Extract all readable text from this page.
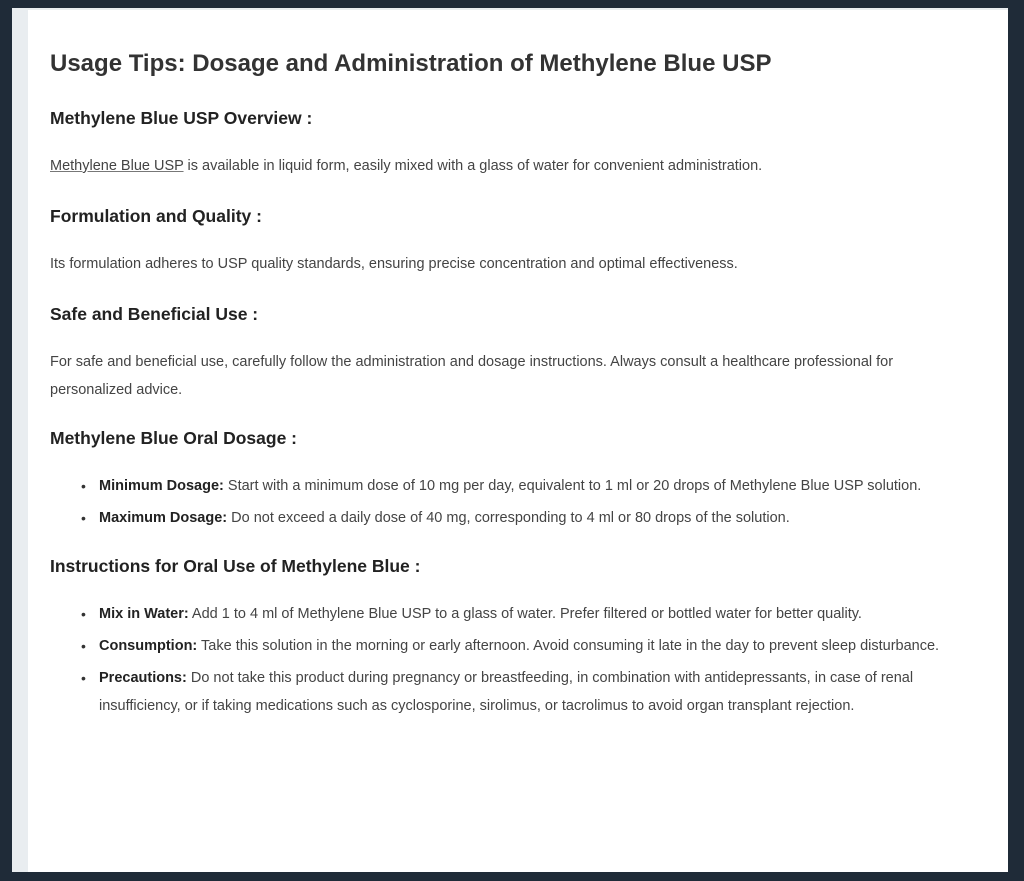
Usage Tips: Dosage and Administration of Methylene Blue USP
Methylene Blue USP Overview :

Methylene Blue USP is available in liquid form, easily mixed with a glass of water for convenient administration.

Formulation and Quality :

Its formulation adheres to USP quality standards, ensuring precise concentration and optimal effectiveness.

Safe and Beneficial Use :

For safe and beneficial use, carefully follow the administration and dosage instructions. Always consult a healthcare professional for personalized advice.

Methylene Blue Oral Dosage :
• Minimum Dosage: Start with a minimum dose of 10 mg per day, equivalent to 1 ml or 20 drops of Methylene Blue USP solution.
• Maximum Dosage: Do not exceed a daily dose of 40 mg, corresponding to 4 ml or 80 drops of the solution.
Instructions for Oral Use of Methylene Blue :
• Mix in Water: Add 1 to 4 ml of Methylene Blue USP to a glass of water. Prefer filtered or bottled water for better quality.
• Consumption: Take this solution in the morning or early afternoon. Avoid consuming it late in the day to prevent sleep disturbance.
• Precautions: Do not take this product during pregnancy or breastfeeding, in combination with antidepressants, in case of renal insufficiency, or if taking medications such as cyclosporine, sirolimus, or tacrolimus to avoid organ transplant rejection.
